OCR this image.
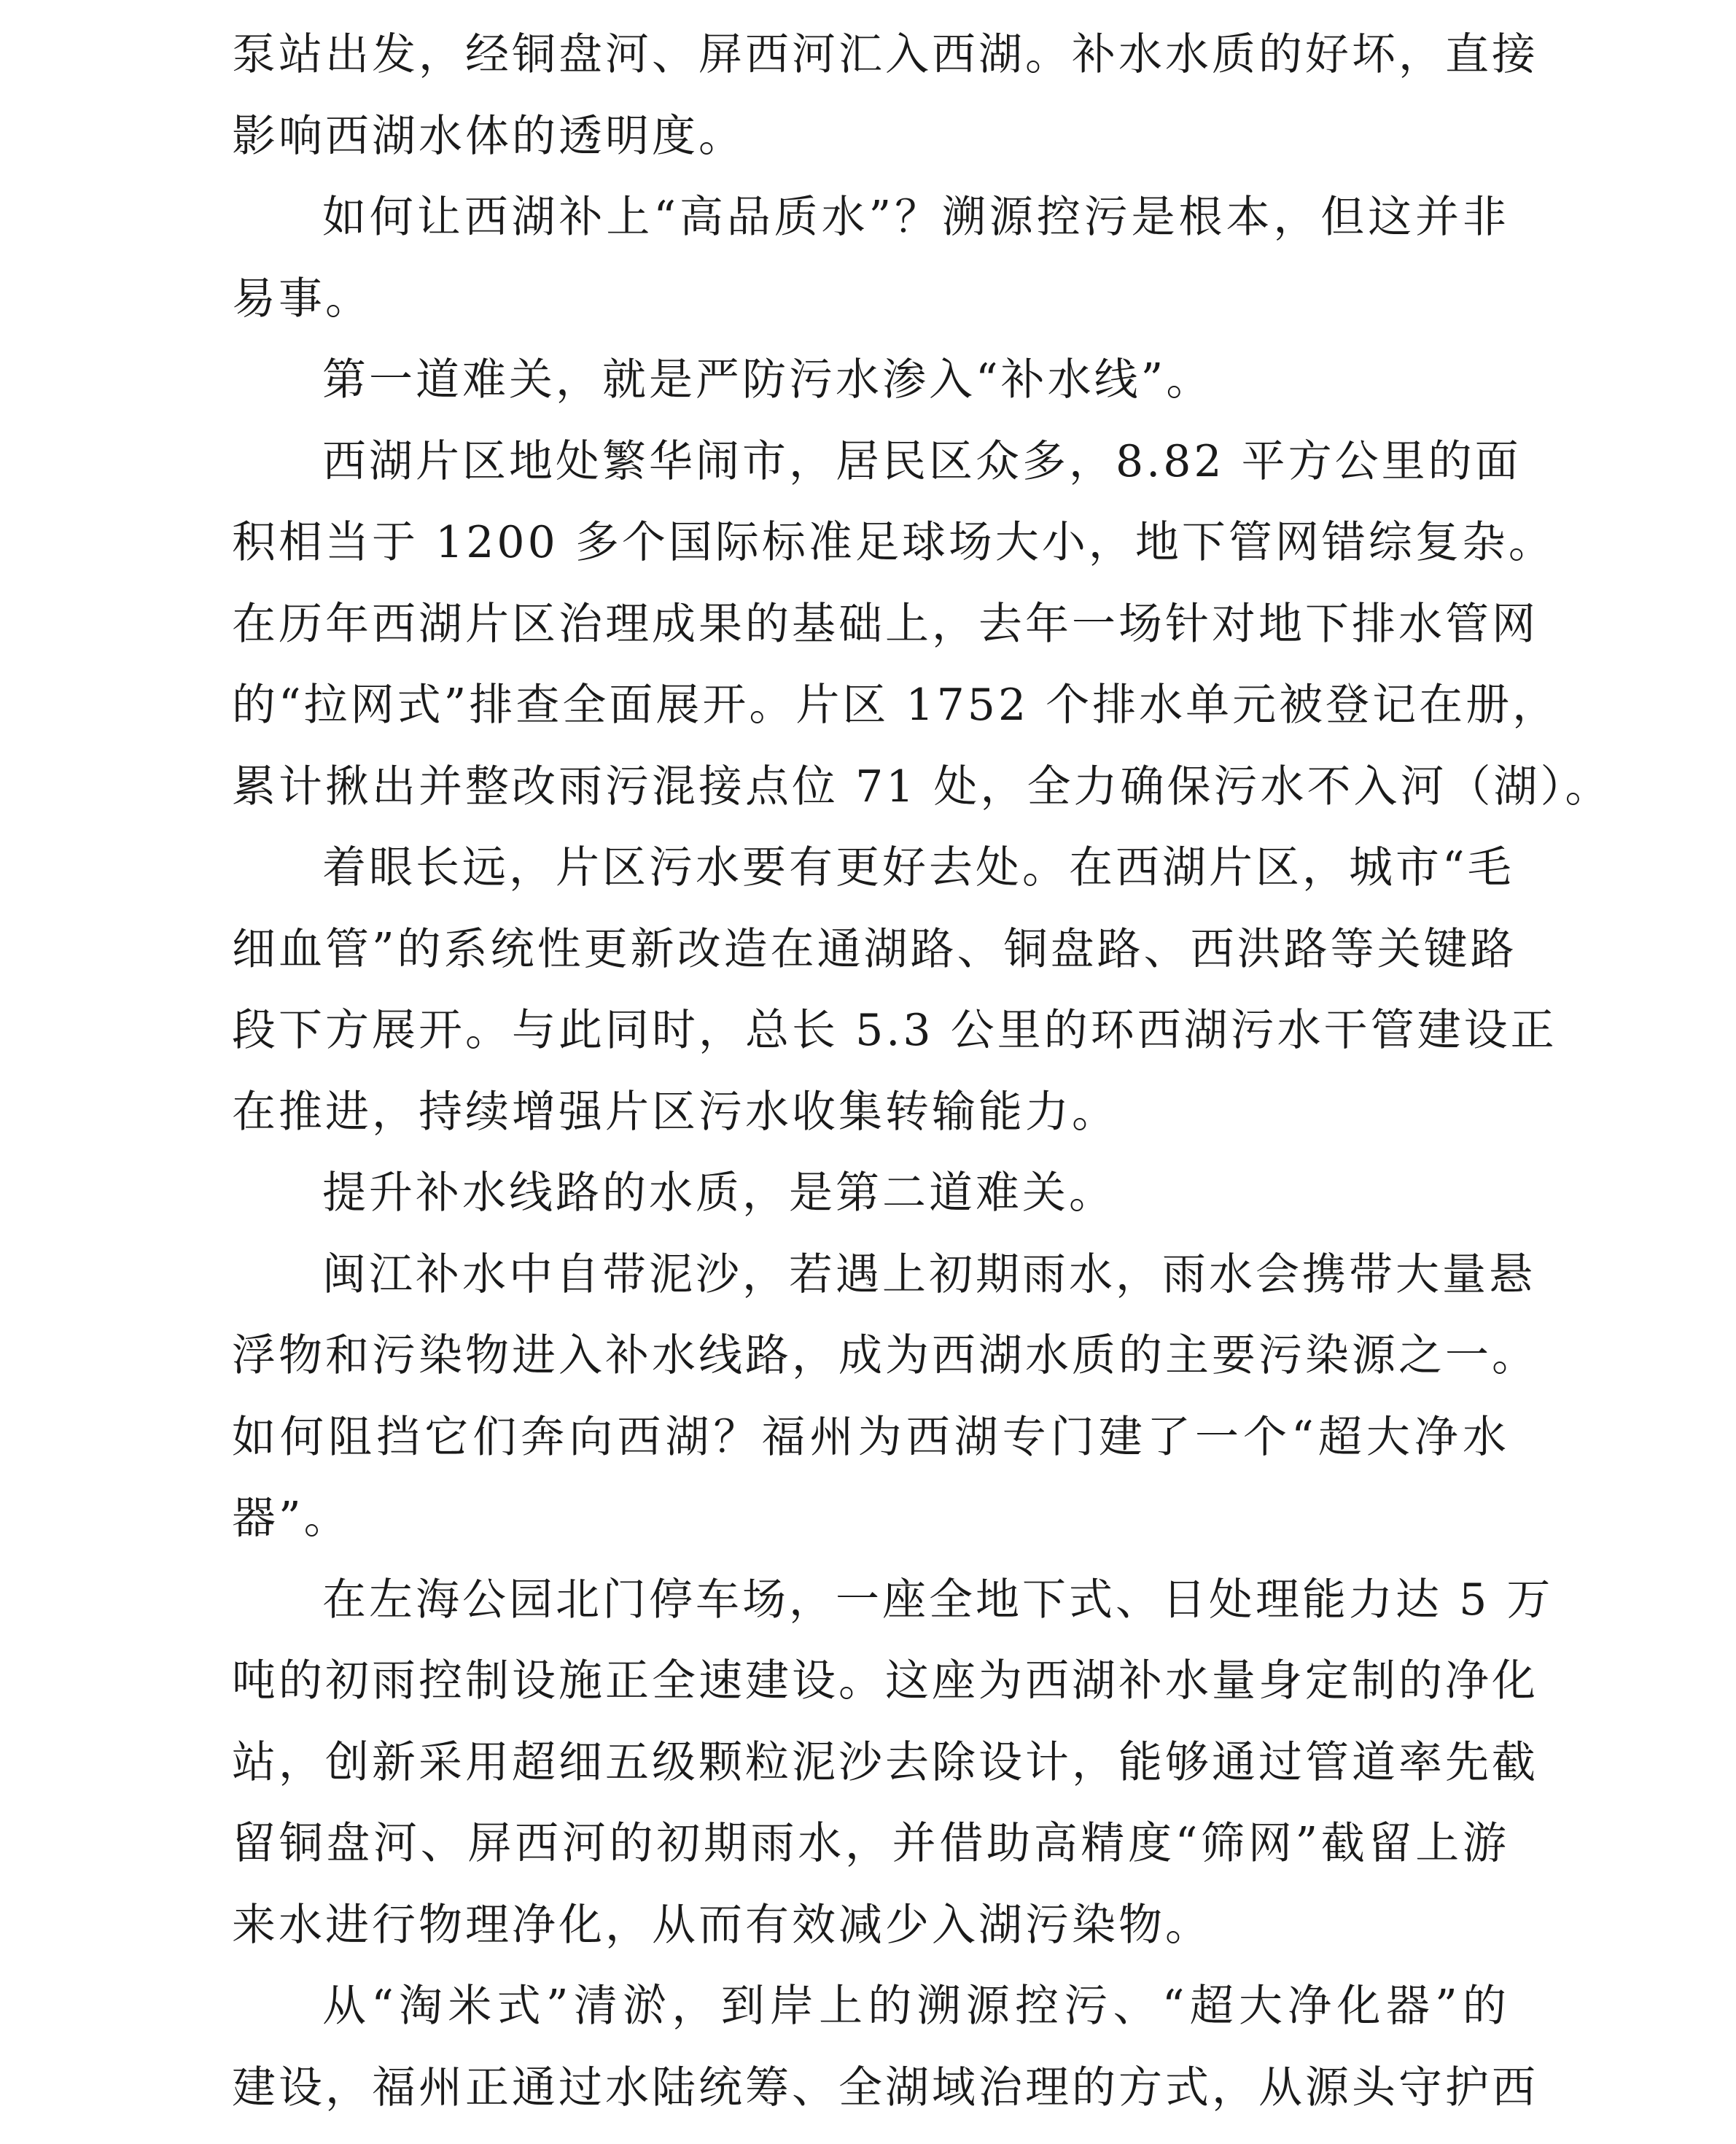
泵站出发，经铜盘河、屏西河汇入西湖。补水水质的好坏，直接
影响西湖水体的透明度。
如何让西湖补上“高品质水”？溯源控污是根本，但这并非
易事。
第一道难关，就是严防污水渗入“补水线”。
西湖片区地处繁华闹市，居民区众多，8.82 平方公里的面
积相当于 1200 多个国际标准足球场大小，地下管网错综复杂。
在历年西湖片区治理成果的基础上，去年一场针对地下排水管网
的“拉网式”排查全面展开。片区 1752 个排水单元被登记在册，
累计揪出并整改雨污混接点位 71 处，全力确保污水不入河（湖）。
着眼长远，片区污水要有更好去处。在西湖片区，城市“毛
细血管”的系统性更新改造在通湖路、铜盘路、西洪路等关键路
段下方展开。与此同时，总长 5.3 公里的环西湖污水干管建设正
在推进，持续增强片区污水收集转输能力。
提升补水线路的水质，是第二道难关。
闽江补水中自带泥沙，若遇上初期雨水，雨水会携带大量悬
浮物和污染物进入补水线路，成为西湖水质的主要污染源之一。
如何阻挡它们奔向西湖？福州为西湖专门建了一个“超大净水
器”。
在左海公园北门停车场，一座全地下式、日处理能力达 5 万
吨的初雨控制设施正全速建设。这座为西湖补水量身定制的净化
站，创新采用超细五级颗粒泥沙去除设计，能够通过管道率先截
留铜盘河、屏西河的初期雨水，并借助高精度“筛网”截留上游
来水进行物理净化，从而有效减少入湖污染物。
从“淘米式”清淤，到岸上的溯源控污、“超大净化器”的
建设，福州正通过水陆统筹、全湖域治理的方式，从源头守护西
